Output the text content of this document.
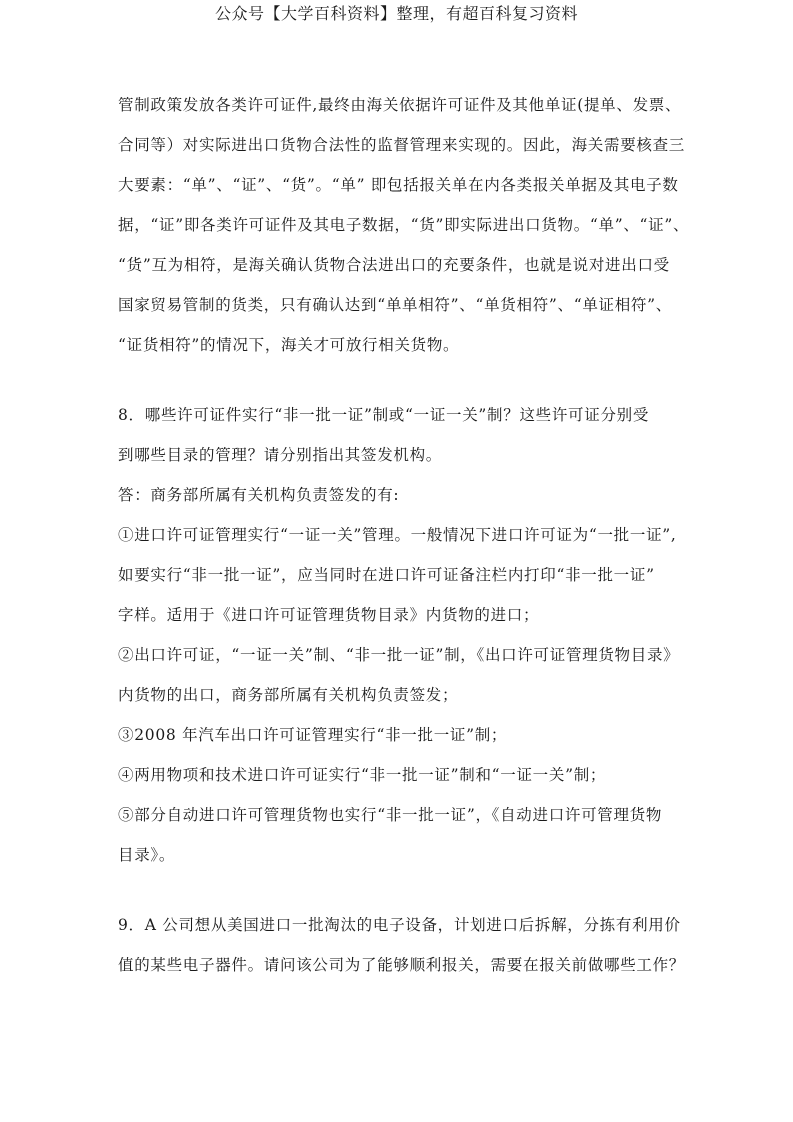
公众号【大学百科资料】整理，有超百科复习资料
管制政策发放各类许可证件,最终由海关依据许可证件及其他单证(提单、发票、
合同等）对实际进出口货物合法性的监督管理来实现的。因此，海关需要核查三
大要素：“单”、“证”、“货”。“单” 即包括报关单在内各类报关单据及其电子数
据，“证”即各类许可证件及其电子数据，“货”即实际进出口货物。“单”、“证”、
“货”互为相符，是海关确认货物合法进出口的充要条件，也就是说对进出口受
国家贸易管制的货类，只有确认达到“单单相符”、“单货相符”、“单证相符”、
“证货相符”的情况下，海关才可放行相关货物。
8．哪些许可证件实行“非一批一证”制或“一证一关”制？这些许可证分别受
到哪些目录的管理？请分别指出其签发机构。
答：商务部所属有关机构负责签发的有:
①进口许可证管理实行“一证一关”管理。一般情况下进口许可证为“一批一证”,
如要实行“非一批一证”，应当同时在进口许可证备注栏内打印“非一批一证”
字样。适用于《进口许可证管理货物目录》内货物的进口；
②出口许可证，“一证一关”制、“非一批一证”制，《出口许可证管理货物目录》
内货物的出口，商务部所属有关机构负责签发；
③2008 年汽车出口许可证管理实行“非一批一证”制；
④两用物项和技术进口许可证实行“非一批一证”制和“一证一关”制；
⑤部分自动进口许可管理货物也实行“非一批一证”，《自动进口许可管理货物
目录》。
9．A 公司想从美国进口一批淘汰的电子设备，计划进口后拆解，分拣有利用价
值的某些电子器件。请问该公司为了能够顺利报关，需要在报关前做哪些工作？
